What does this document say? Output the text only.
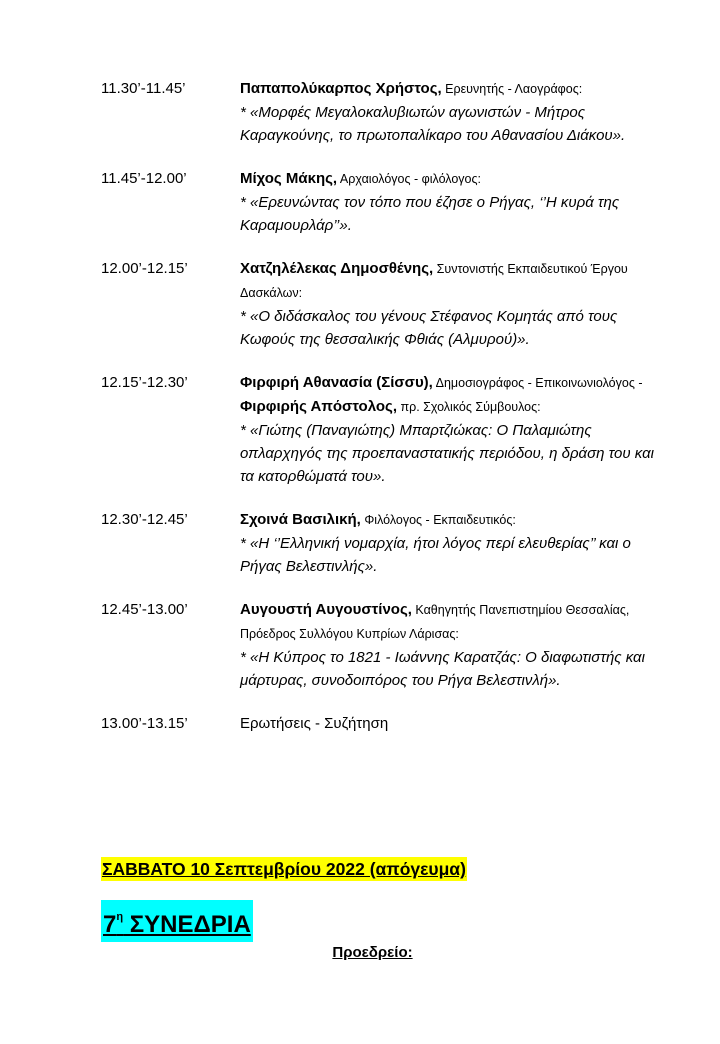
11.30’-11.45’	Παπαπολύκαρπος Χρήστος, Ερευνητής - Λαογράφος:
* «Μορφές Μεγαλοκαλυβιωτών αγωνιστών - Μήτρος Καραγκούνης, το πρωτοπαλίκαρο του Αθανασίου Διάκου».
11.45’-12.00’	Μίχος Μάκης, Αρχαιολόγος - φιλόλογος:
* «Ερευνώντας τον τόπο που έζησε ο Ρήγας, ‘’Η κυρά της Καραμουρλάρ’’».
12.00’-12.15’	Χατζηλέλεκας Δημοσθένης, Συντονιστής Εκπαιδευτικού Έργου Δασκάλων:
* «Ο διδάσκαλος του γένους Στέφανος Κομητάς από τους Κωφούς της θεσσαλικής Φθιάς (Αλμυρού)».
12.15’-12.30’	Φιρφιρή Αθανασία (Σίσσυ), Δημοσιογράφος - Επικοινωνιολόγος - Φιρφιρής Απόστολος, πρ. Σχολικός Σύμβουλος:
* «Γιώτης (Παναγιώτης) Μπαρτζιώκας: Ο Παλαμιώτης οπλαρχηγός της προεπαναστατικής περιόδου, η δράση του και τα κατορθώματά του».
12.30’-12.45’	Σχοινά Βασιλική, Φιλόλογος - Εκπαιδευτικός:
* «Η ‘’Ελληνική νομαρχία, ήτοι λόγος περί ελευθερίας’’ και ο Ρήγας Βελεστινλής».
12.45’-13.00’	Αυγουστή Αυγουστίνος, Καθηγητής Πανεπιστημίου Θεσσαλίας, Πρόεδρος Συλλόγου Κυπρίων Λάρισας:
* «Η Κύπρος το 1821 - Ιωάννης Καρατζάς: Ο διαφωτιστής και μάρτυρας, συνοδοιπόρος του Ρήγα Βελεστινλή».
13.00’-13.15’	Ερωτήσεις - Συζήτηση
ΣΑΒΒΑΤΟ 10 Σεπτεμβρίου 2022 (απόγευμα)
$7^\eta$ ΣΥΝΕΔΡΙΑ
Προεδρείο:
